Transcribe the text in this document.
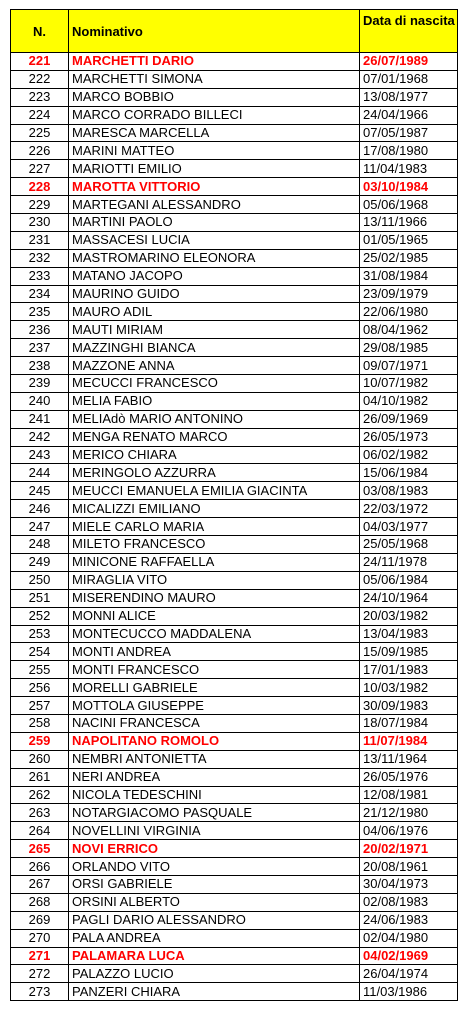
N.	Nominativo	Data di nascita
221	MARCHETTI DARIO	26/07/1989
222	MARCHETTI SIMONA	07/01/1968
223	MARCO BOBBIO	13/08/1977
224	MARCO CORRADO BILLECI	24/04/1966
225	MARESCA MARCELLA	07/05/1987
226	MARINI MATTEO	17/08/1980
227	MARIOTTI EMILIO	11/04/1983
228	MAROTTA VITTORIO	03/10/1984
229	MARTEGANI ALESSANDRO	05/06/1968
230	MARTINI PAOLO	13/11/1966
231	MASSACESI LUCIA	01/05/1965
232	MASTROMARINO ELEONORA	25/02/1985
233	MATANO JACOPO	31/08/1984
234	MAURINO GUIDO	23/09/1979
235	MAURO ADIL	22/06/1980
236	MAUTI MIRIAM	08/04/1962
237	MAZZINGHI BIANCA	29/08/1985
238	MAZZONE ANNA	09/07/1971
239	MECUCCI FRANCESCO	10/07/1982
240	MELIA FABIO	04/10/1982
241	MELIAdò MARIO ANTONINO	26/09/1969
242	MENGA RENATO MARCO	26/05/1973
243	MERICO CHIARA	06/02/1982
244	MERINGOLO AZZURRA	15/06/1984
245	MEUCCI EMANUELA EMILIA GIACINTA	03/08/1983
246	MICALIZZI EMILIANO	22/03/1972
247	MIELE CARLO MARIA	04/03/1977
248	MILETO FRANCESCO	25/05/1968
249	MINICONE RAFFAELLA	24/11/1978
250	MIRAGLIA VITO	05/06/1984
251	MISERENDINO MAURO	24/10/1964
252	MONNI ALICE	20/03/1982
253	MONTECUCCO MADDALENA	13/04/1983
254	MONTI ANDREA	15/09/1985
255	MONTI FRANCESCO	17/01/1983
256	MORELLI GABRIELE	10/03/1982
257	MOTTOLA GIUSEPPE	30/09/1983
258	NACINI FRANCESCA	18/07/1984
259	NAPOLITANO ROMOLO	11/07/1984
260	NEMBRI ANTONIETTA	13/11/1964
261	NERI ANDREA	26/05/1976
262	NICOLA TEDESCHINI	12/08/1981
263	NOTARGIACOMO PASQUALE	21/12/1980
264	NOVELLINI VIRGINIA	04/06/1976
265	NOVI ERRICO	20/02/1971
266	ORLANDO VITO	20/08/1961
267	ORSI GABRIELE	30/04/1973
268	ORSINI ALBERTO	02/08/1983
269	PAGLI DARIO ALESSANDRO	24/06/1983
270	PALA ANDREA	02/04/1980
271	PALAMARA LUCA	04/02/1969
272	PALAZZO LUCIO	26/04/1974
273	PANZERI CHIARA	11/03/1986
